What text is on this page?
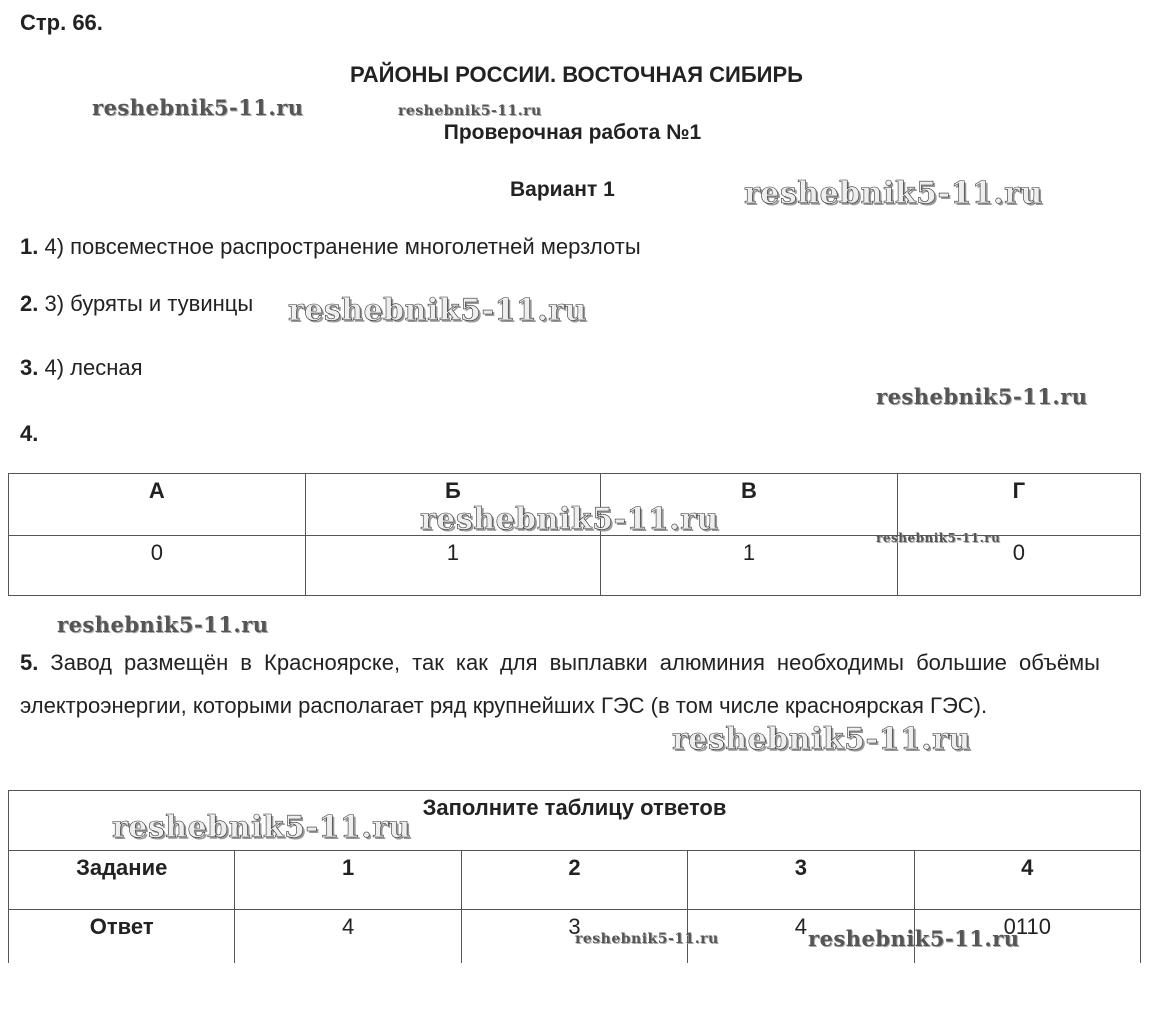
Стр. 66.
РАЙОНЫ РОССИИ. ВОСТОЧНАЯ СИБИРЬ
Проверочная работа №1
Вариант 1
1. 4) повсеместное распространение многолетней мерзлоты
2. 3) буряты и тувинцы
3. 4) лесная
4.
А	Б	В	Г
0	1	1	0
5. Завод размещён в Красноярске, так как для выплавки алюминия необходимы большие объёмы электроэнергии, которыми располагает ряд крупнейших ГЭС (в том числе красноярская ГЭС).
Заполните таблицу ответов				
Задание	1	2	3	4
Ответ	4	3	4	0110
reshebnik5-11.ru	reshebnik5-11.ru
reshebnik5-11.ru
reshebnik5-11.ru
reshebnik5-11.ru
reshebnik5-11.ru
reshebnik5-11.ru
reshebnik5-11.ru
reshebnik5-11.ru
reshebnik5-11.ru
reshebnik5-11.ru	reshebnik5-11.ru
